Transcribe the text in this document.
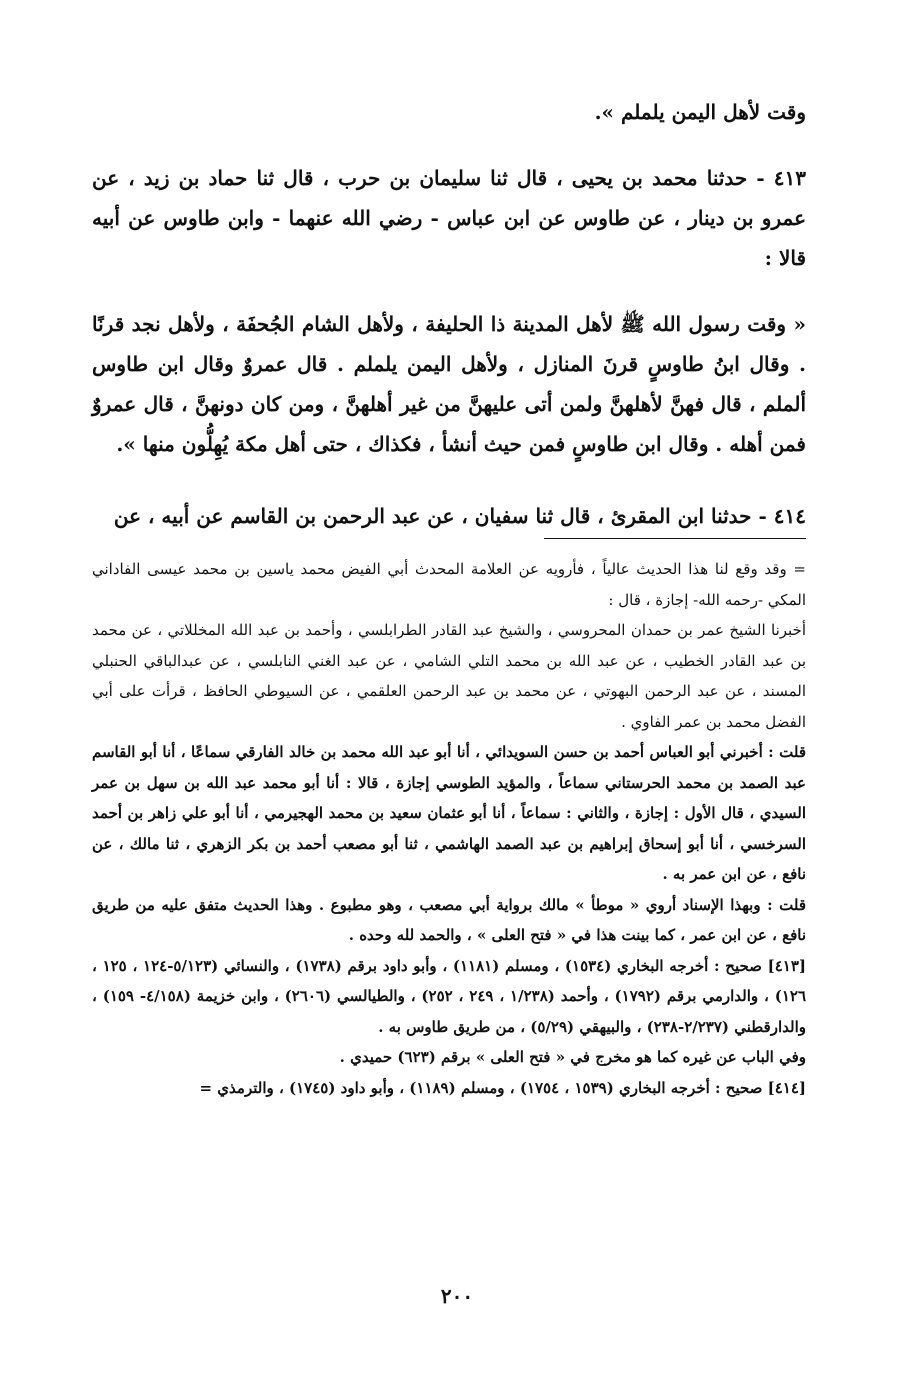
وقت لأهل اليمن يلملم ».

٤١٣ - حدثنا محمد بن يحيى ، قال ثنا سليمان بن حرب ، قال ثنا حماد بن زيد ، عن عمرو بن دينار ، عن طاوس عن ابن عباس - رضي الله عنهما - وابن طاوس عن أبيه قالا :

« وقت رسول الله ﷺ لأهل المدينة ذا الحليفة ، ولأهل الشام الجُحفَة ، ولأهل نجد قرنًا . وقال ابنُ طاوسٍ قرنَ المنازل ، ولأهل اليمن يلملم . قال عمروٌ وقال ابن طاوس ألملم ، قال فهنَّ لأهلهنَّ ولمن أتى عليهنَّ من غير أهلهنَّ ، ومن كان دونهنَّ ، قال عمروٌ فمن أهله . وقال ابن طاوسٍ فمن حيث أنشأ ، فكذاك ، حتى أهل مكة يُهِلُّون منها ».

٤١٤ - حدثنا ابن المقرئ ، قال ثنا سفيان ، عن عبد الرحمن بن القاسم عن أبيه ، عن

= وقد وقع لنا هذا الحديث عالياً ، فأرويه عن العلامة المحدث أبي الفيض محمد ياسين بن محمد عيسى الفاداني المكي -رحمه الله- إجازة ، قال :

أخبرنا الشيخ عمر بن حمدان المحروسي ، والشيخ عبد القادر الطرابلسي ، وأحمد بن عبد الله المخللاتي ، عن محمد بن عبد القادر الخطيب ، عن عبد الله بن محمد التلي الشامي ، عن عبد الغني النابلسي ، عن عبدالباقي الحنبلي المسند ، عن عبد الرحمن البهوتي ، عن محمد بن عبد الرحمن العلقمي ، عن السيوطي الحافظ ، قرأت على أبي الفضل محمد بن عمر الفاوي .

قلت : أخبرني أبو العباس أحمد بن حسن السويدائي ، أنا أبو عبد الله محمد بن خالد الفارقي سماعًا ، أنا أبو القاسم عبد الصمد بن محمد الحرستاني سماعاً ، والمؤيد الطوسي إجازة ، قالا : أنا أبو محمد عبد الله بن سهل بن عمر السيدي ، قال الأول : إجازة ، والثاني : سماعاً ، أنا أبو عثمان سعيد بن محمد الهجيرمي ، أنا أبو علي زاهر بن أحمد السرخسي ، أنا أبو إسحاق إبراهيم بن عبد الصمد الهاشمي ، ثنا أبو مصعب أحمد بن بكر الزهري ، ثنا مالك ، عن نافع ، عن ابن عمر به .

قلت : وبهذا الإسناد أروي « موطأ » مالك برواية أبي مصعب ، وهو مطبوع . وهذا الحديث متفق عليه من طريق نافع ، عن ابن عمر ، كما بينت هذا في « فتح العلى » ، والحمد لله وحده .

[٤١٣] صحيح : أخرجه البخاري (١٥٣٤) ، ومسلم (١١٨١) ، وأبو داود برقم (١٧٣٨) ، والنسائي (٥/١٢٣-١٢٤ ، ١٢٥ ، ١٢٦) ، والدارمي برقم (١٧٩٢) ، وأحمد (١/٢٣٨ ، ٢٤٩ ، ٢٥٢) ، والطيالسي (٢٦٠٦) ، وابن خزيمة (٤/١٥٨- ١٥٩) ، والدارقطني (٢/٢٣٧-٢٣٨) ، والبيهقي (٥/٢٩) ، من طريق طاوس به .

وفي الباب عن غيره كما هو مخرج في « فتح العلى » برقم (٦٢٣) حميدي .

[٤١٤] صحيح : أخرجه البخاري (١٥٣٩ ، ١٧٥٤) ، ومسلم (١١٨٩) ، وأبو داود (١٧٤٥) ، والترمذي =

٢٠٠
